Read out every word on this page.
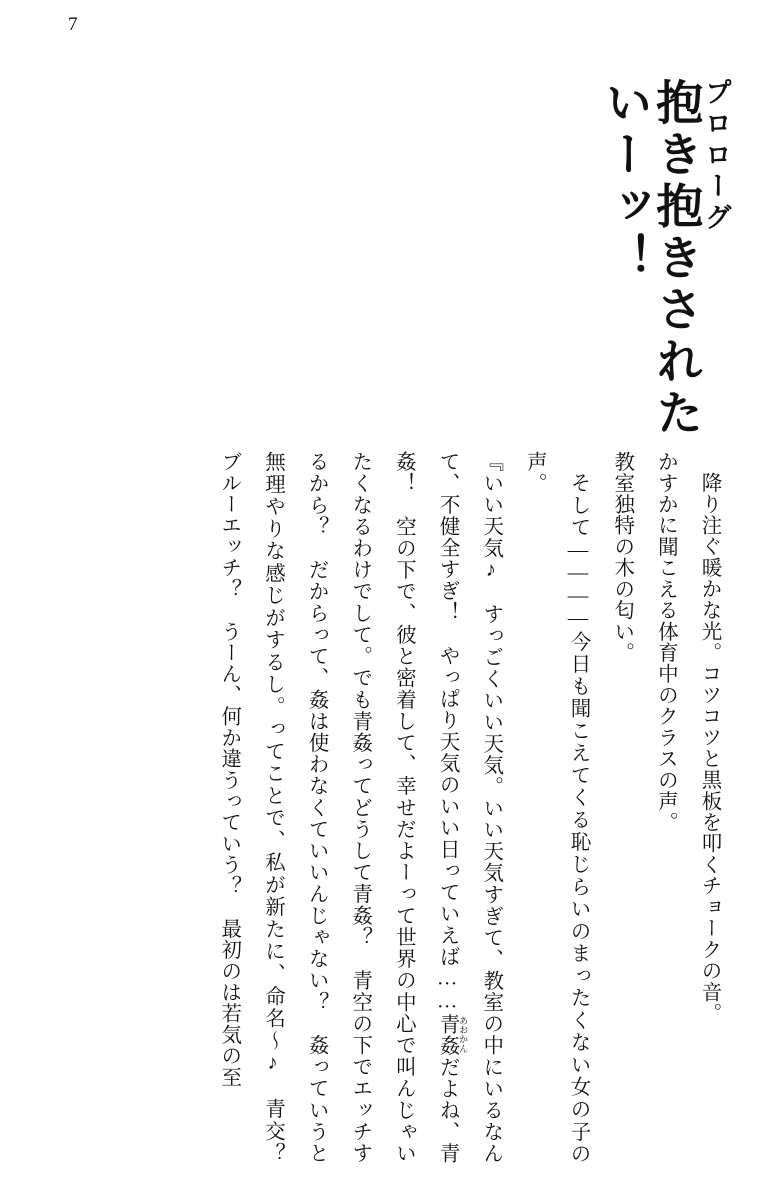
7
プロローグ
抱き抱きされたいーッ！
降り注ぐ暖かな光。コツコツと黒板を叩くチョークの音。
かすかに聞こえる体育中のクラスの声。
教室独特の木の匂い。
そして――――今日も聞こえてくる恥じらいのまったくない女の子の声。
『いい天気♪　すっごくいい天気。いい天気すぎて、教室の中にいるなんて、不健全すぎ！　やっぱり天気のいい日っていえば……青姦 あおかんだよね、青姦！　空の下で、彼と密着して、幸せだよーって世界の中心で叫んじゃいたくなるわけでして。でも青姦ってどうして青姦？　青空の下でエッチするから？　だからって、姦は使わなくていいんじゃない？　姦っていうと無理やりな感じがするし。ってことで、私が新たに、命名～♪　青交？　ブルーエッチ？　うーん、何か違うっていう？　最初のは若気の至
